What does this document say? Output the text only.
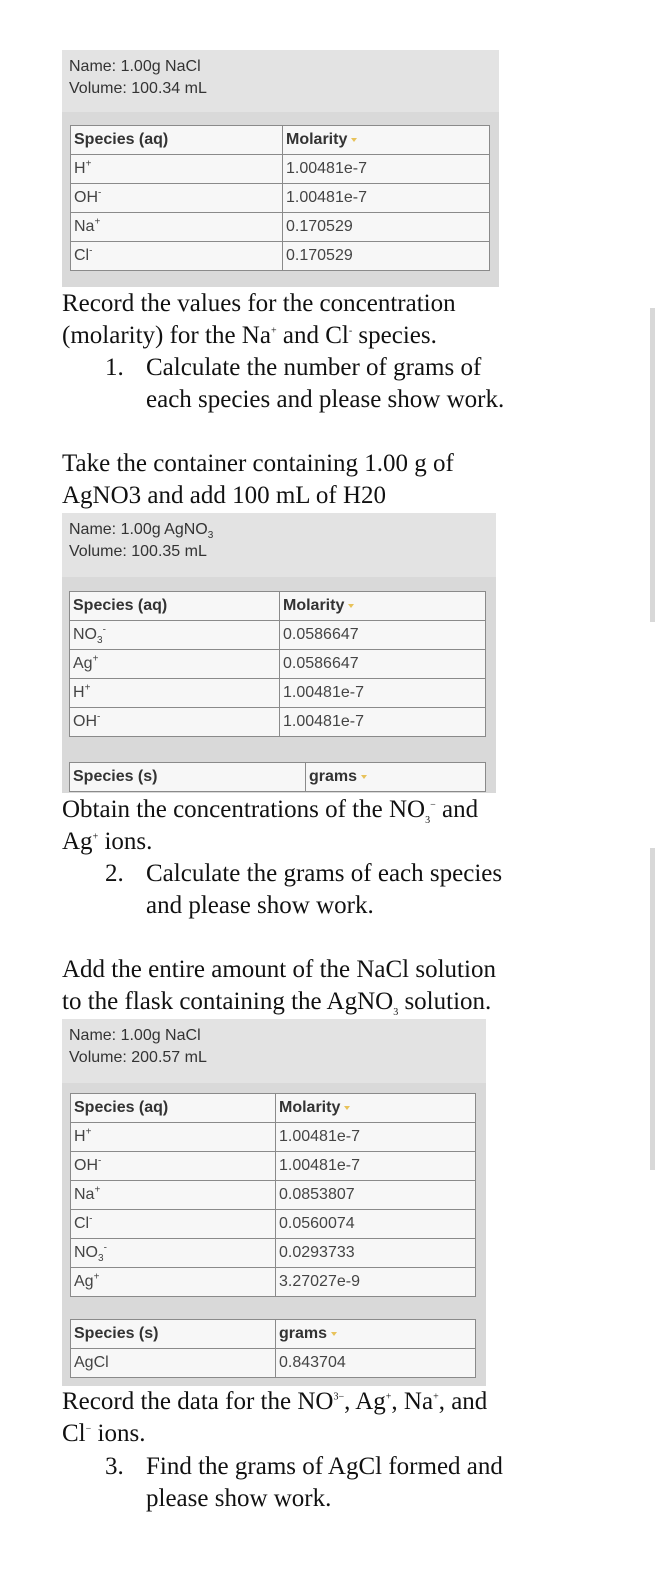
Name: 1.00g NaCl
Volume: 100.34 mL
Species (aq)	Molarity
H+	1.00481e-7
OH-	1.00481e-7
Na+	0.170529
Cl-	0.170529
Record the values for the concentration
(molarity) for the Na+ and Cl- species.
1. Calculate the number of grams of
each species and please show work.
Take the container containing 1.00 g of
AgNO3 and add 100 mL of H20
Name: 1.00g AgNO$_3$
Volume: 100.35 mL
Species (aq)	Molarity
$NO_3^-$	0.0586647
Ag+	0.0586647
H+	1.00481e-7
OH-	1.00481e-7
Species (s)	grams
Obtain the concentrations of the $NO_3^-$ and
Ag+ ions.
2. Calculate the grams of each species
and please show work.
Add the entire amount of the NaCl solution
to the flask containing the AgNO$_3$ solution.
Name: 1.00g NaCl
Volume: 200.57 mL
Species (aq)	Molarity
H+	1.00481e-7
OH-	1.00481e-7
Na+	0.0853807
Cl-	0.0560074
$NO_3^-$	0.0293733
Ag+	3.27027e-9
Species (s)	grams
AgCl	0.843704
Record the data for the $NO^{3-}$, Ag+, Na+, and
Cl− ions.
3. Find the grams of AgCl formed and
please show work.
